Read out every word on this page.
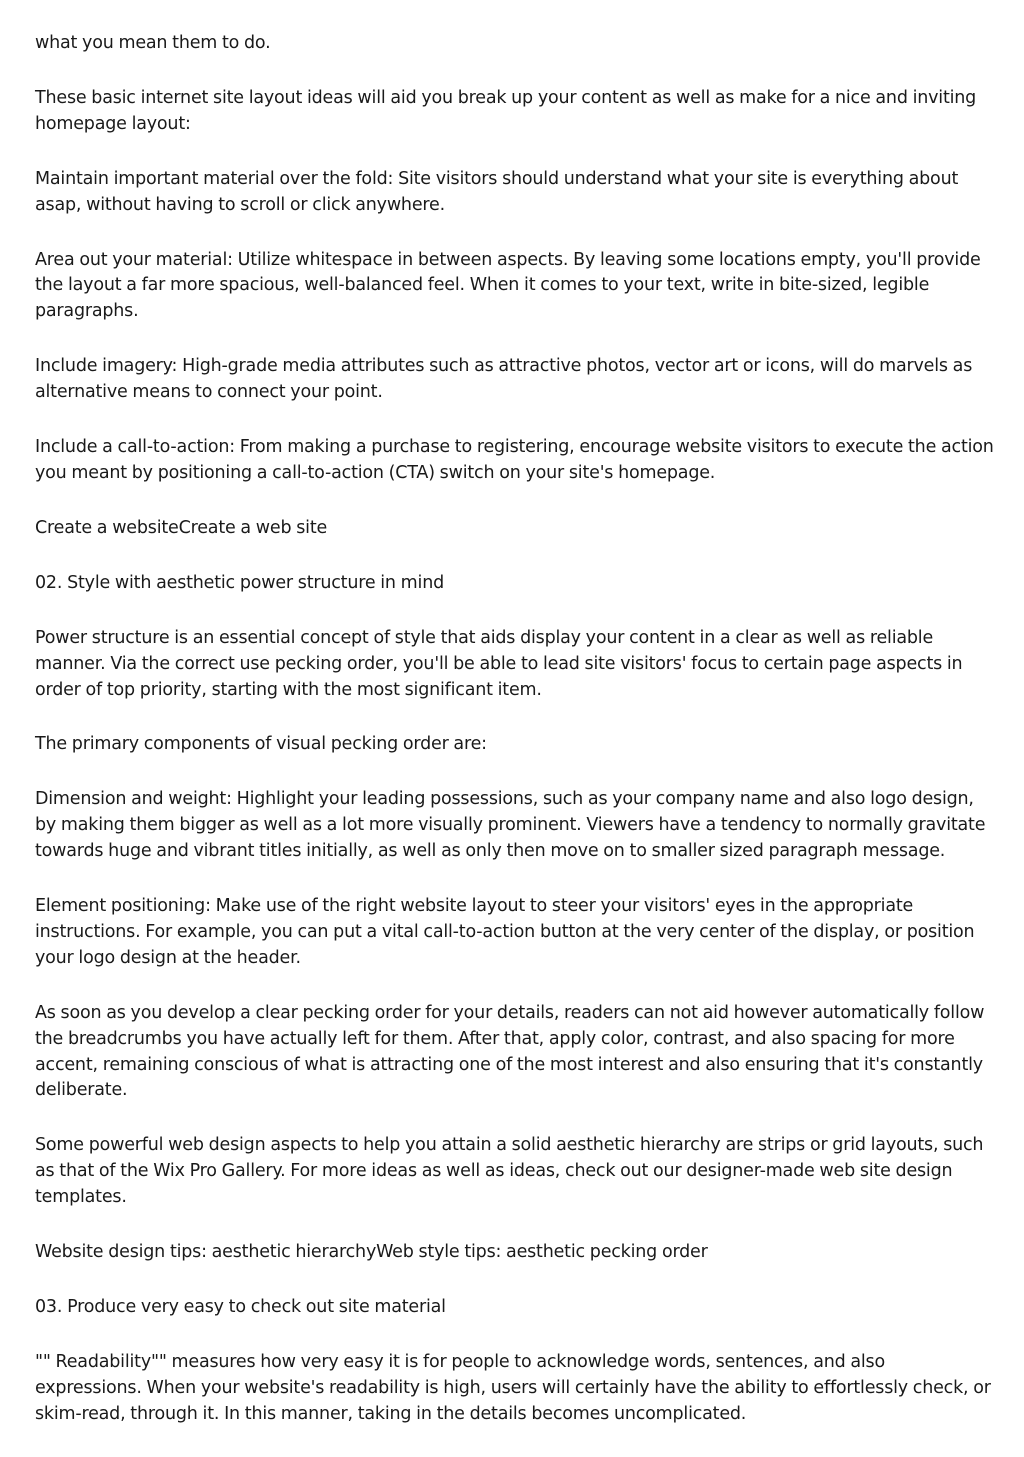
what you mean them to do.

These basic internet site layout ideas will aid you break up your content as well as make for a nice and inviting homepage layout:

Maintain important material over the fold: Site visitors should understand what your site is everything about asap, without having to scroll or click anywhere.

Area out your material: Utilize whitespace in between aspects. By leaving some locations empty, you'll provide the layout a far more spacious, well-balanced feel. When it comes to your text, write in bite-sized, legible paragraphs.

Include imagery: High-grade media attributes such as attractive photos, vector art or icons, will do marvels as alternative means to connect your point.

Include a call-to-action: From making a purchase to registering, encourage website visitors to execute the action you meant by positioning a call-to-action (CTA) switch on your site's homepage.

Create a websiteCreate a web site

02. Style with aesthetic power structure in mind

Power structure is an essential concept of style that aids display your content in a clear as well as reliable manner. Via the correct use pecking order, you'll be able to lead site visitors' focus to certain page aspects in order of top priority, starting with the most significant item.

The primary components of visual pecking order are:

Dimension and weight: Highlight your leading possessions, such as your company name and also logo design, by making them bigger as well as a lot more visually prominent. Viewers have a tendency to normally gravitate towards huge and vibrant titles initially, as well as only then move on to smaller sized paragraph message.

Element positioning: Make use of the right website layout to steer your visitors' eyes in the appropriate instructions. For example, you can put a vital call-to-action button at the very center of the display, or position your logo design at the header.

As soon as you develop a clear pecking order for your details, readers can not aid however automatically follow the breadcrumbs you have actually left for them. After that, apply color, contrast, and also spacing for more accent, remaining conscious of what is attracting one of the most interest and also ensuring that it's constantly deliberate.

Some powerful web design aspects to help you attain a solid aesthetic hierarchy are strips or grid layouts, such as that of the Wix Pro Gallery. For more ideas as well as ideas, check out our designer-made web site design templates.

Website design tips: aesthetic hierarchyWeb style tips: aesthetic pecking order

03. Produce very easy to check out site material

"" Readability"" measures how very easy it is for people to acknowledge words, sentences, and also expressions. When your website's readability is high, users will certainly have the ability to effortlessly check, or skim-read, through it. In this manner, taking in the details becomes uncomplicated.
